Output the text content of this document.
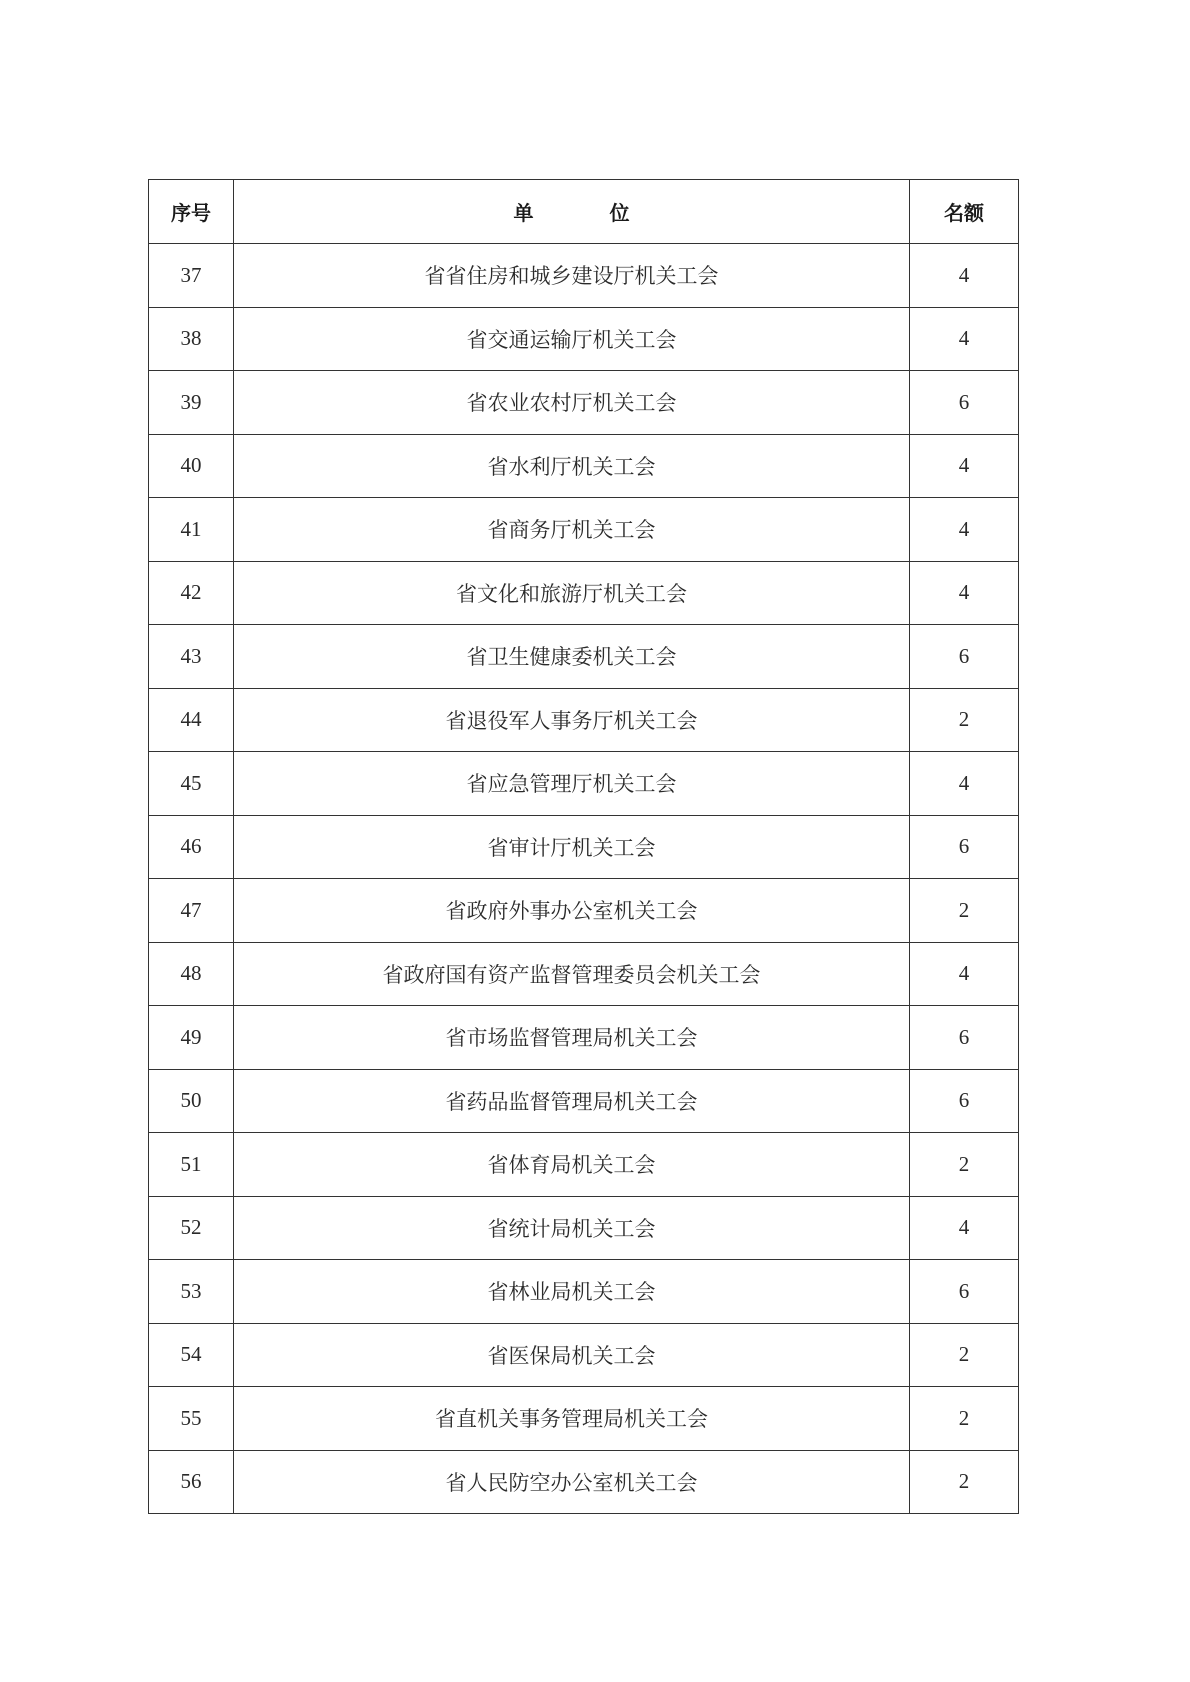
序号	单　位	名额
37	省省住房和城乡建设厅机关工会	4
38	省交通运输厅机关工会	4
39	省农业农村厅机关工会	6
40	省水利厅机关工会	4
41	省商务厅机关工会	4
42	省文化和旅游厅机关工会	4
43	省卫生健康委机关工会	6
44	省退役军人事务厅机关工会	2
45	省应急管理厅机关工会	4
46	省审计厅机关工会	6
47	省政府外事办公室机关工会	2
48	省政府国有资产监督管理委员会机关工会	4
49	省市场监督管理局机关工会	6
50	省药品监督管理局机关工会	6
51	省体育局机关工会	2
52	省统计局机关工会	4
53	省林业局机关工会	6
54	省医保局机关工会	2
55	省直机关事务管理局机关工会	2
56	省人民防空办公室机关工会	2
